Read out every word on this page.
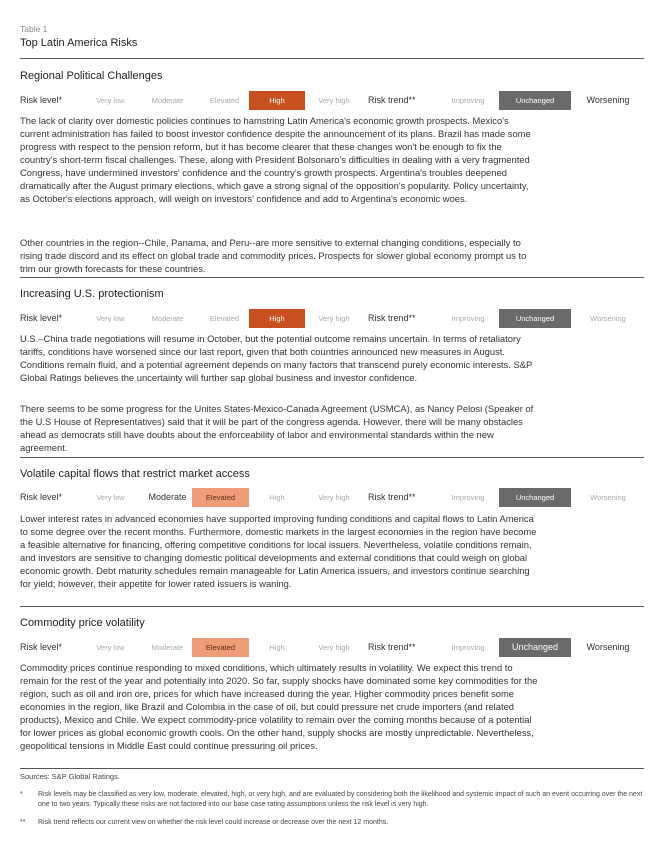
Table 1
Top Latin America Risks
Regional Political Challenges
Risk level*	Very low	Moderate	Elevated	High	Very high	Risk trend**	Improving	Unchanged	Worsening

The lack of clarity over domestic policies continues to hamstring Latin America's economic growth prospects. Mexico's current administration has failed to boost investor confidence despite the announcement of its plans. Brazil has made some progress with respect to the pension reform, but it has become clearer that these changes won't be enough to fix the country's short-term fiscal challenges. These, along with President Bolsonaro's difficulties in dealing with a very fragmented Congress, have undermined investors' confidence and the country's growth prospects. Argentina's troubles deepened dramatically after the August primary elections, which gave a strong signal of the opposition's popularity. Policy uncertainty, as October's elections approach, will weigh on investors' confidence and add to Argentina's economic woes.

Other countries in the region--Chile, Panama, and Peru--are more sensitive to external changing conditions, especially to rising trade discord and its effect on global trade and commodity prices. Prospects for slower global economy prompt us to trim our growth forecasts for these countries.

Increasing U.S. protectionism
Risk level*	Very low	Moderate	Elevated	High	Very high	Risk trend**	Improving	Unchanged	Worsening

U.S.–China trade negotiations will resume in October, but the potential outcome remains uncertain. In terms of retaliatory tariffs, conditions have worsened since our last report, given that both countries announced new measures in August. Conditions remain fluid, and a potential agreement depends on many factors that transcend purely economic interests. S&P Global Ratings believes the uncertainty will further sap global business and investor confidence.

There seems to be some progress for the Unites States-Mexico-Canada Agreement (USMCA), as Nancy Pelosi (Speaker of the U.S House of Representatives) said that it will be part of the congress agenda. However, there will be many obstacles ahead as democrats still have doubts about the enforceability of labor and environmental standards within the new agreement.

Volatile capital flows that restrict market access
Risk level*	Very low	Moderate	Elevated	High	Very high	Risk trend**	Improving	Unchanged	Worsening

Lower interest rates in advanced economies have supported improving funding conditions and capital flows to Latin America to some degree over the recent months. Furthermore, domestic markets in the largest economies in the region have become a feasible alternative for financing, offering competitive conditions for local issuers. Nevertheless, volatile conditions remain, and investors are sensitive to changing domestic political developments and external conditions that could weigh on global economic growth. Debt maturity schedules remain manageable for Latin America issuers, and investors continue searching for yield; however, their appetite for lower rated issuers is waning.

Commodity price volatility
Risk level*	Very low	Moderate	Elevated	High	Very high	Risk trend**	Improving	Unchanged	Worsening

Commodity prices continue responding to mixed conditions, which ultimately results in volatility. We expect this trend to remain for the rest of the year and potentially into 2020. So far, supply shocks have dominated some key commodities for the region, such as oil and iron ore, prices for which have increased during the year. Higher commodity prices benefit some economies in the region, like Brazil and Colombia in the case of oil, but could pressure net crude importers (and related products), Mexico and Chile. We expect commodity-price volatility to remain over the coming months because of a potential for lower prices as global economic growth cools. On the other hand, supply shocks are mostly unpredictable. Nevertheless, geopolitical tensions in Middle East could continue pressuring oil prices.

Sources: S&P Global Ratings.
*	Risk levels may be classified as very low, moderate, elevated, high, or very high, and are evaluated by considering both the likelihood and systemic impact of such an event occurring over the next one to two years. Typically these risks are not factored into our base case rating assumptions unless the risk level is very high.
**	Risk trend reflects our current view on whether the risk level could increase or decrease over the next 12 months.
